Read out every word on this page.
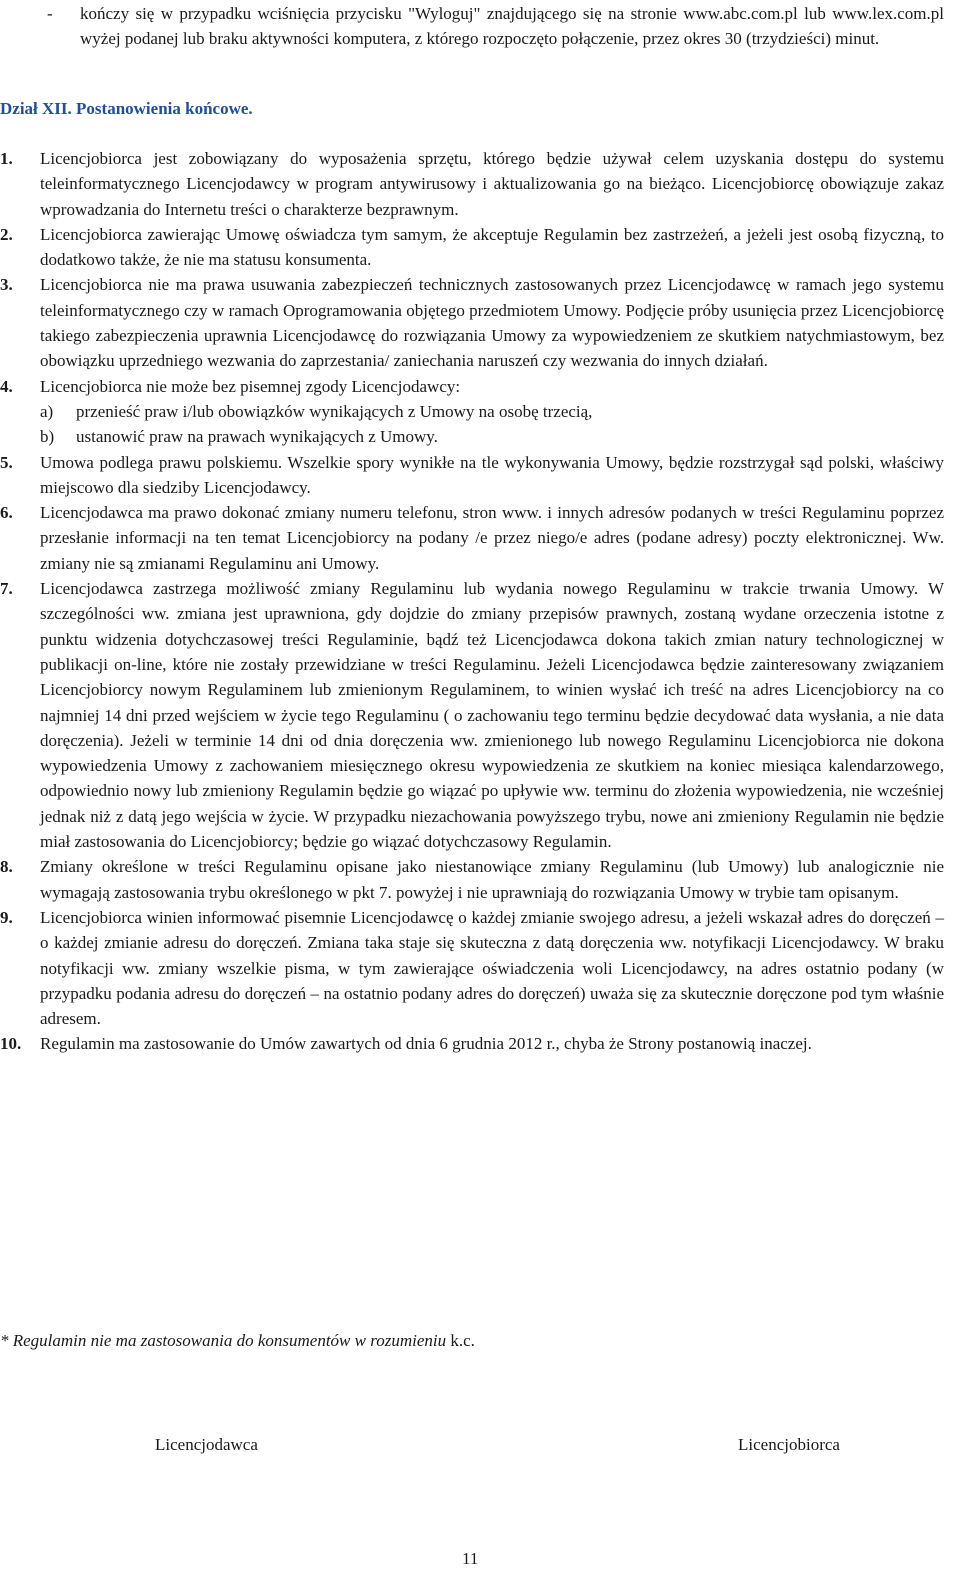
- kończy się w przypadku wciśnięcia przycisku "Wyloguj" znajdującego się na stronie www.abc.com.pl lub www.lex.com.pl wyżej podanej lub braku aktywności komputera, z którego rozpoczęto połączenie, przez okres 30 (trzydzieści) minut.
Dział XII. Postanowienia końcowe.
1. Licencjobiorca jest zobowiązany do wyposażenia sprzętu, którego będzie używał celem uzyskania dostępu do systemu teleinformatycznego Licencjodawcy w program antywirusowy i aktualizowania go na bieżąco. Licencjobiorcę obowiązuje zakaz wprowadzania do Internetu treści o charakterze bezprawnym.
2. Licencjobiorca zawierając Umowę oświadcza tym samym, że akceptuje Regulamin bez zastrzeżeń, a jeżeli jest osobą fizyczną, to dodatkowo także, że nie ma statusu konsumenta.
3. Licencjobiorca nie ma prawa usuwania zabezpieczeń technicznych zastosowanych przez Licencjodawcę w ramach jego systemu teleinformatycznego czy w ramach Oprogramowania objętego przedmiotem Umowy. Podjęcie próby usunięcia przez Licencjobiorcę takiego zabezpieczenia uprawnia Licencjodawcę do rozwiązania Umowy za wypowiedzeniem ze skutkiem natychmiastowym, bez obowiązku uprzedniego wezwania do zaprzestania/ zaniechania naruszeń czy wezwania do innych działań.
4. Licencjobiorca nie może bez pisemnej zgody Licencjodawcy:
a) przenieść praw i/lub obowiązków wynikających z Umowy na osobę trzecią,
b) ustanowić praw na prawach wynikających z Umowy.
5. Umowa podlega prawu polskiemu. Wszelkie spory wynikłe na tle wykonywania Umowy, będzie rozstrzygał sąd polski, właściwy miejscowo dla siedziby Licencjodawcy.
6. Licencjodawca ma prawo dokonać zmiany numeru telefonu, stron www. i innych adresów podanych w treści Regulaminu poprzez przesłanie informacji na ten temat Licencjobiorcy na podany /e przez niego/e adres (podane adresy) poczty elektronicznej. Ww. zmiany nie są zmianami Regulaminu ani Umowy.
7. Licencjodawca zastrzega możliwość zmiany Regulaminu lub wydania nowego Regulaminu w trakcie trwania Umowy. W szczególności ww. zmiana jest uprawniona, gdy dojdzie do zmiany przepisów prawnych, zostaną wydane orzeczenia istotne z punktu widzenia dotychczasowej treści Regulaminie, bądź też Licencjodawca dokona takich zmian natury technologicznej w publikacji on-line, które nie zostały przewidziane w treści Regulaminu. Jeżeli Licencjodawca będzie zainteresowany związaniem Licencjobiorcy nowym Regulaminem lub zmienionym Regulaminem, to winien wysłać ich treść na adres Licencjobiorcy na co najmniej 14 dni przed wejściem w życie tego Regulaminu ( o zachowaniu tego terminu będzie decydować data wysłania, a nie data doręczenia). Jeżeli w terminie 14 dni od dnia doręczenia ww. zmienionego lub nowego Regulaminu Licencjobiorca nie dokona wypowiedzenia Umowy z zachowaniem miesięcznego okresu wypowiedzenia ze skutkiem na koniec miesiąca kalendarzowego, odpowiednio nowy lub zmieniony Regulamin będzie go wiązać po upływie ww. terminu do złożenia wypowiedzenia, nie wcześniej jednak niż z datą jego wejścia w życie. W przypadku niezachowania powyższego trybu, nowe ani zmieniony Regulamin nie będzie miał zastosowania do Licencjobiorcy; będzie go wiązać dotychczasowy Regulamin.
8. Zmiany określone w treści Regulaminu opisane jako niestanowiące zmiany Regulaminu (lub Umowy) lub analogicznie nie wymagają zastosowania trybu określonego w pkt 7. powyżej i nie uprawniają do rozwiązania Umowy w trybie tam opisanym.
9. Licencjobiorca winien informować pisemnie Licencjodawcę o każdej zmianie swojego adresu, a jeżeli wskazał adres do doręczeń – o każdej zmianie adresu do doręczeń. Zmiana taka staje się skuteczna z datą doręczenia ww. notyfikacji Licencjodawcy. W braku notyfikacji ww. zmiany wszelkie pisma, w tym zawierające oświadczenia woli Licencjodawcy, na adres ostatnio podany (w przypadku podania adresu do doręczeń – na ostatnio podany adres do doręczeń) uważa się za skutecznie doręczone pod tym właśnie adresem.
10. Regulamin ma zastosowanie do Umów zawartych od dnia 6 grudnia 2012 r., chyba że Strony postanowią inaczej.
* Regulamin nie ma zastosowania do konsumentów w rozumieniu k.c.
Licencjodawca	Licencjobiorca
11
